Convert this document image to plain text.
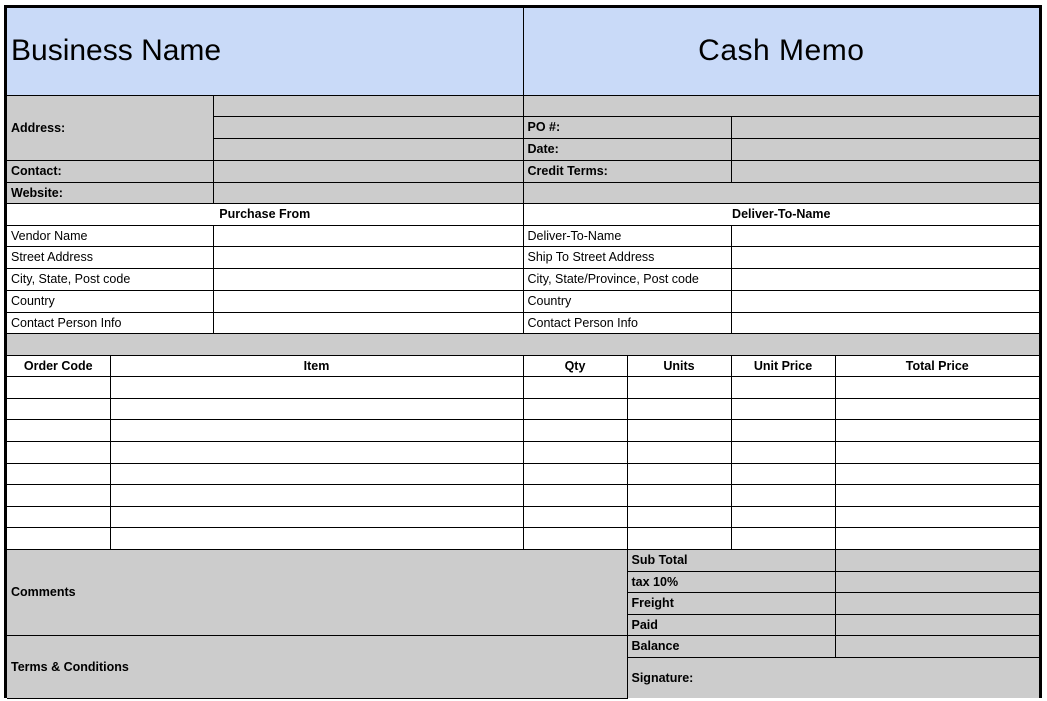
Business Name			Cash Memo			
Address:						
			PO #:			
			Date:			
Contact:			Credit Terms:			
Website:						
Purchase From			Deliver-To-Name			
Vendor Name			Deliver-To-Name			
Street Address			Ship To Street Address			
City, State, Post code			City, State/Province, Post code			
Country			Country			
Contact Person Info			Contact Person Info			

Order Code	Item		Qty	Units	Unit Price	Total Price

Comments				Sub Total		
				tax 10%		
				Freight		
				Paid		
Terms & Conditions				Balance		
				Signature:		
